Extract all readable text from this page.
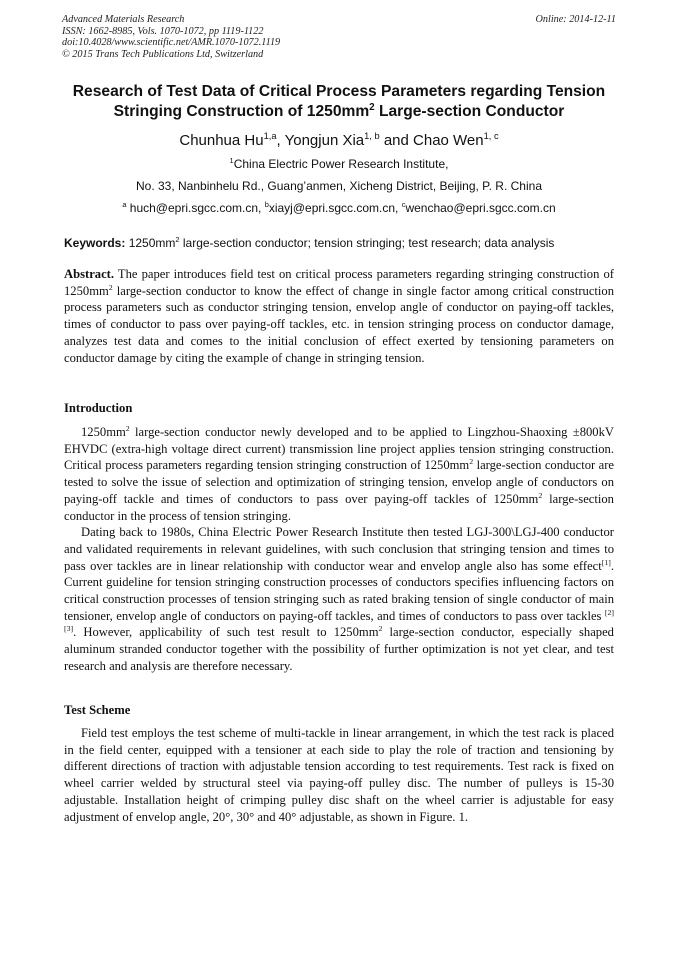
Advanced Materials Research
ISSN: 1662-8985, Vols. 1070-1072, pp 1119-1122
doi:10.4028/www.scientific.net/AMR.1070-1072.1119
© 2015 Trans Tech Publications Ltd, Switzerland
Online: 2014-12-11
Research of Test Data of Critical Process Parameters regarding Tension
Stringing Construction of $1250mm^2$ Large-section Conductor
Chunhua Hu$^{1,a}$, Yongjun Xia$^{1, b}$ and Chao Wen$^{1, c}$
$^1$China Electric Power Research Institute,
No. 33, Nanbinhelu Rd., Guang’anmen, Xicheng District, Beijing, P. R. China
$^a$ huch@epri.sgcc.com.cn, $^b$xiayj@epri.sgcc.com.cn, $^c$wenchao@epri.sgcc.com.cn
Keywords: $1250mm^2$ large-section conductor; tension stringing; test research; data analysis

Abstract. The paper introduces field test on critical process parameters regarding stringing construction of $1250mm^2$ large-section conductor to know the effect of change in single factor among critical construction process parameters such as conductor stringing tension, envelop angle of conductor on paying-off tackles, times of conductor to pass over paying-off tackles, etc. in tension stringing process on conductor damage, analyzes test data and comes to the initial conclusion of effect exerted by tensioning parameters on conductor damage by citing the example of change in stringing tension.

Introduction

$1250mm^2$ large-section conductor newly developed and to be applied to Lingzhou-Shaoxing ±800kV EHVDC (extra-high voltage direct current) transmission line project applies tension stringing construction. Critical process parameters regarding tension stringing construction of $1250mm^2$ large-section conductor are tested to solve the issue of selection and optimization of stringing tension, envelop angle of conductors on paying-off tackle and times of conductors to pass over paying-off tackles of $1250mm^2$ large-section conductor in the process of tension stringing.

Dating back to 1980s, China Electric Power Research Institute then tested LGJ-300\LGJ-400 conductor and validated requirements in relevant guidelines, with such conclusion that stringing tension and times to pass over tackles are in linear relationship with conductor wear and envelop angle also has some effect[1]. Current guideline for tension stringing construction processes of conductors specifies influencing factors on critical construction processes of tension stringing such as rated braking tension of single conductor of main tensioner, envelop angle of conductors on paying-off tackles, and times of conductors to pass over tackles [2] [3]. However, applicability of such test result to $1250mm^2$ large-section conductor, especially shaped aluminum stranded conductor together with the possibility of further optimization is not yet clear, and test research and analysis are therefore necessary.

Test Scheme

Field test employs the test scheme of multi-tackle in linear arrangement, in which the test rack is placed in the field center, equipped with a tensioner at each side to play the role of traction and tensioning by different directions of traction with adjustable tension according to test requirements. Test rack is fixed on wheel carrier welded by structural steel via paying-off pulley disc. The number of pulleys is 15-30 adjustable. Installation height of crimping pulley disc shaft on the wheel carrier is adjustable for easy adjustment of envelop angle, 20°, 30° and 40° adjustable, as shown in Figure. 1.
